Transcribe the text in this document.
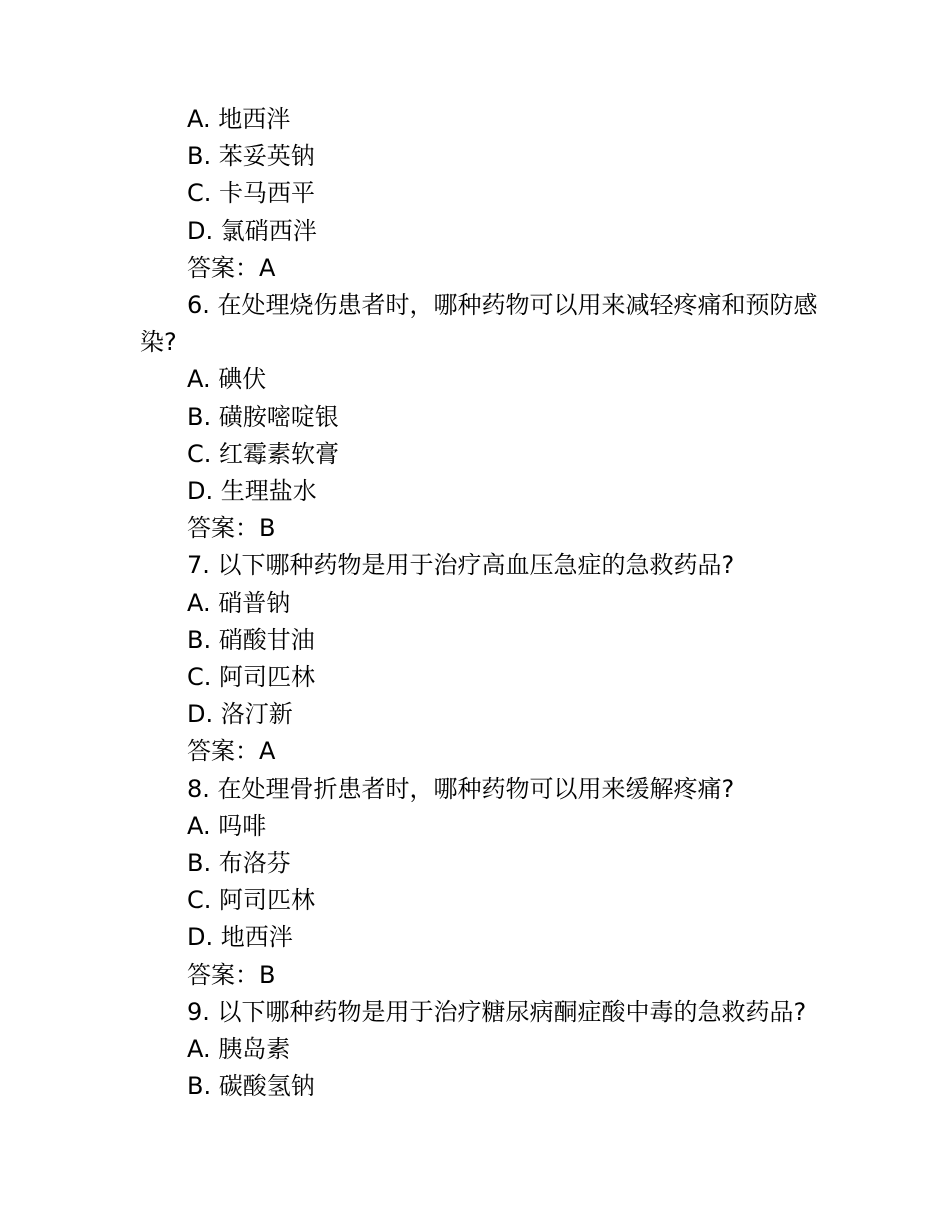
A. 地西泮
B. 苯妥英钠
C. 卡马西平
D. 氯硝西泮
答案：A
6. 在处理烧伤患者时，哪种药物可以用来减轻疼痛和预防感染?
A. 碘伏
B. 磺胺嘧啶银
C. 红霉素软膏
D. 生理盐水
答案：B
7. 以下哪种药物是用于治疗高血压急症的急救药品?
A. 硝普钠
B. 硝酸甘油
C. 阿司匹林
D. 洛汀新
答案：A
8. 在处理骨折患者时，哪种药物可以用来缓解疼痛?
A. 吗啡
B. 布洛芬
C. 阿司匹林
D. 地西泮
答案：B
9. 以下哪种药物是用于治疗糖尿病酮症酸中毒的急救药品?
A. 胰岛素
B. 碳酸氢钠
